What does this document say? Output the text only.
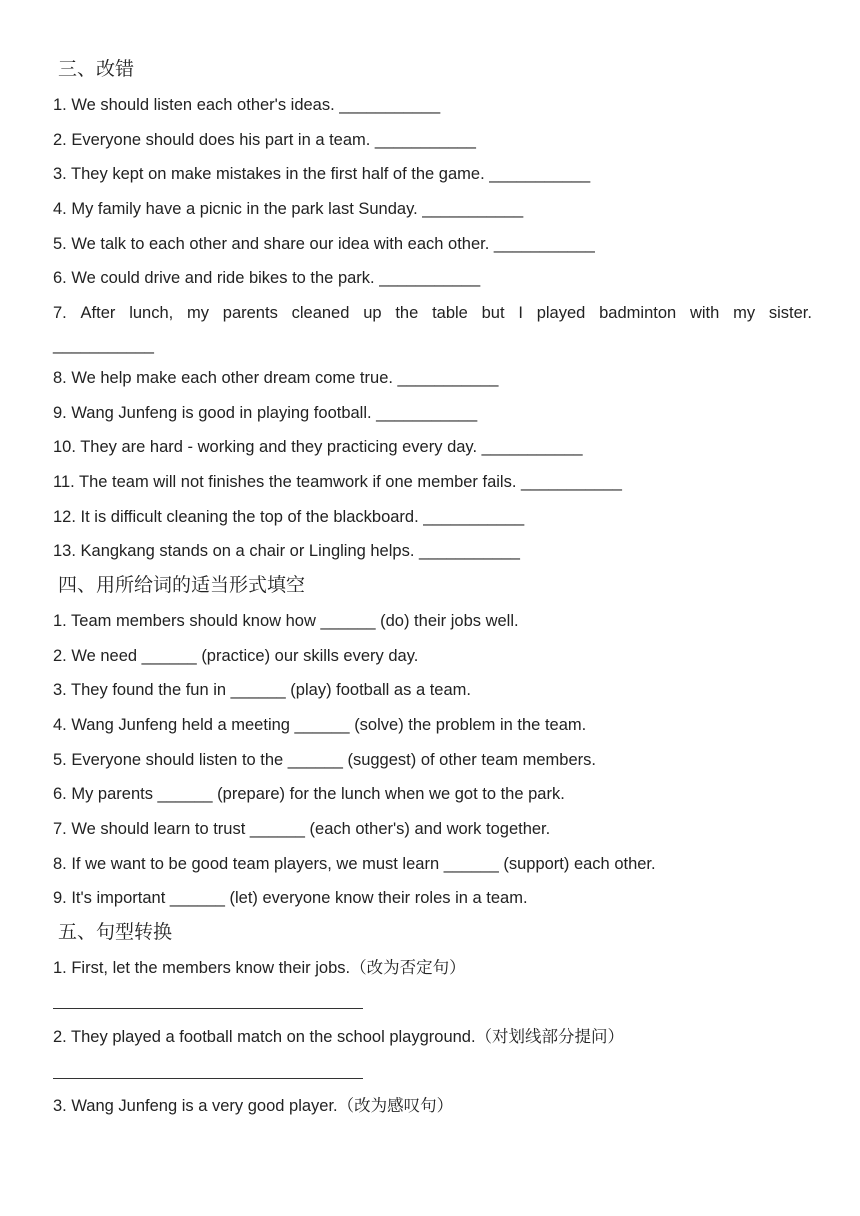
三、改错
1. We should listen each other's ideas. ___________
2. Everyone should does his part in a team. ___________
3. They kept on make mistakes in the first half of the game. ___________
4. My family have a picnic in the park last Sunday. ___________
5. We talk to each other and share our idea with each other. ___________
6. We could drive and ride bikes to the park. ___________
7. After lunch, my parents cleaned up the table but I played badminton with my sister.
___________
8. We help make each other dream come true. ___________
9. Wang Junfeng is good in playing football. ___________
10. They are hard - working and they practicing every day. ___________
11. The team will not finishes the teamwork if one member fails. ___________
12. It is difficult cleaning the top of the blackboard. ___________
13. Kangkang stands on a chair or Lingling helps. ___________
四、用所给词的适当形式填空
1. Team members should know how ______ (do) their jobs well.
2. We need ______ (practice) our skills every day.
3. They found the fun in ______ (play) football as a team.
4. Wang Junfeng held a meeting ______ (solve) the problem in the team.
5. Everyone should listen to the ______ (suggest) of other team members.
6. My parents ______ (prepare) for the lunch when we got to the park.
7. We should learn to trust ______ (each other's) and work together.
8. If we want to be good team players, we must learn ______ (support) each other.
9. It's important ______ (let) everyone know their roles in a team.
五、句型转换
1. First, let the members know their jobs.（改为否定句）
2. They played a football match on the school playground.（对划线部分提问）
3. Wang Junfeng is a very good player.（改为感叹句）
